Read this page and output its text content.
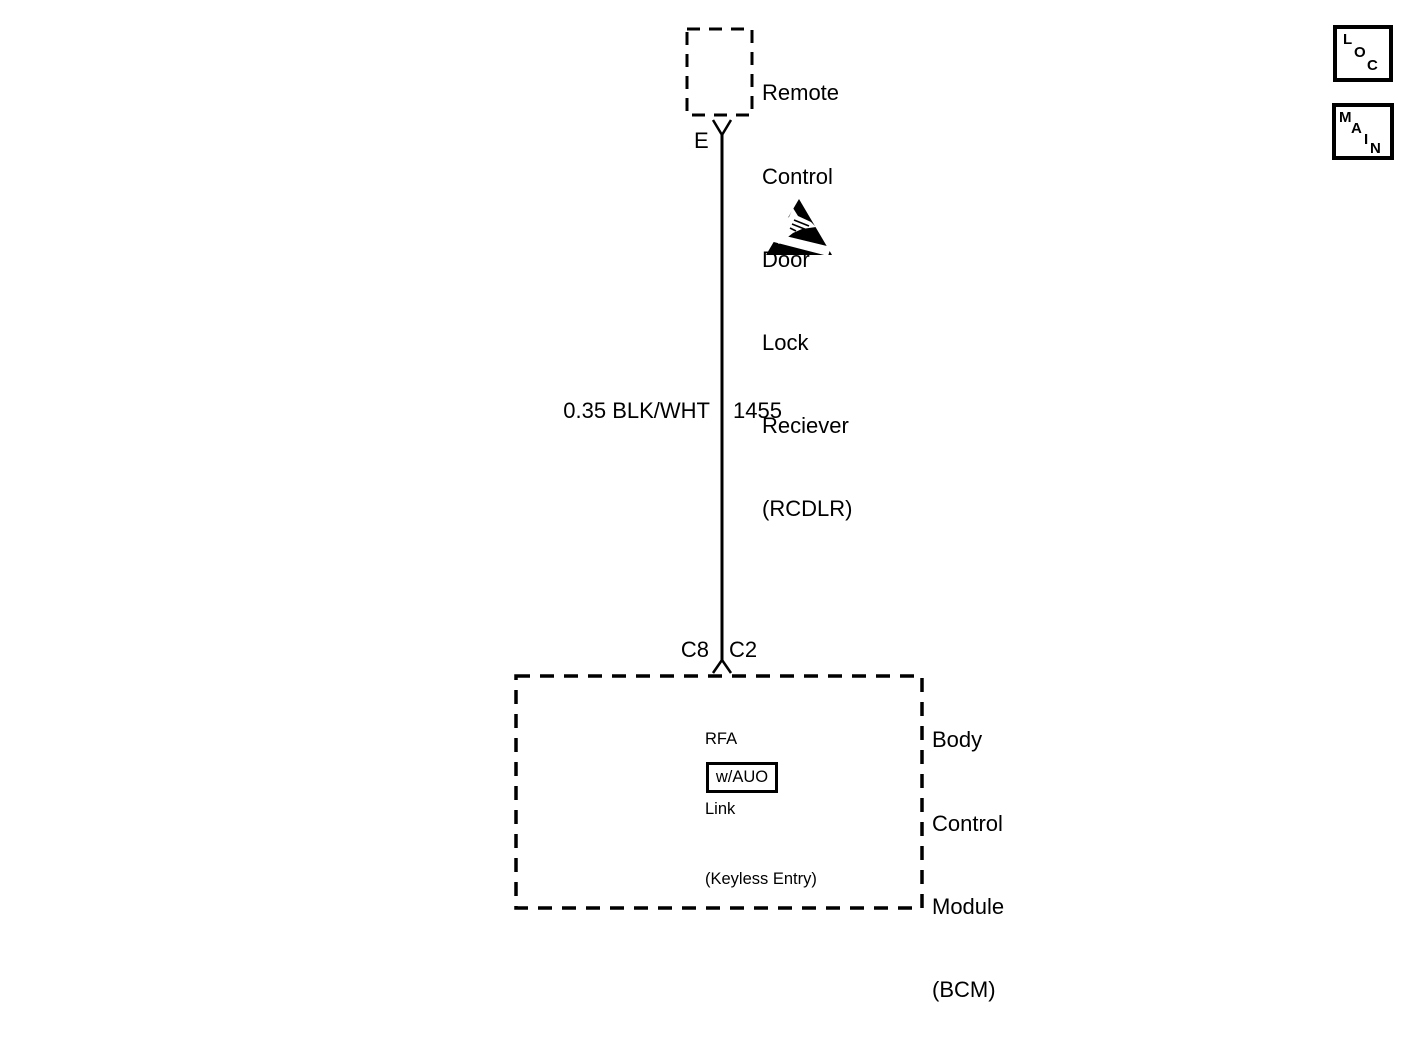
Remote

Control

Door

Lock

Reciever

(RCDLR)

E
0.35 BLK/WHT 1455
C8 C2

RFA

Link

(Keyless Entry)

w/AUO

Body

Control

Module

(BCM)

L
O
C
M
A
I
N
